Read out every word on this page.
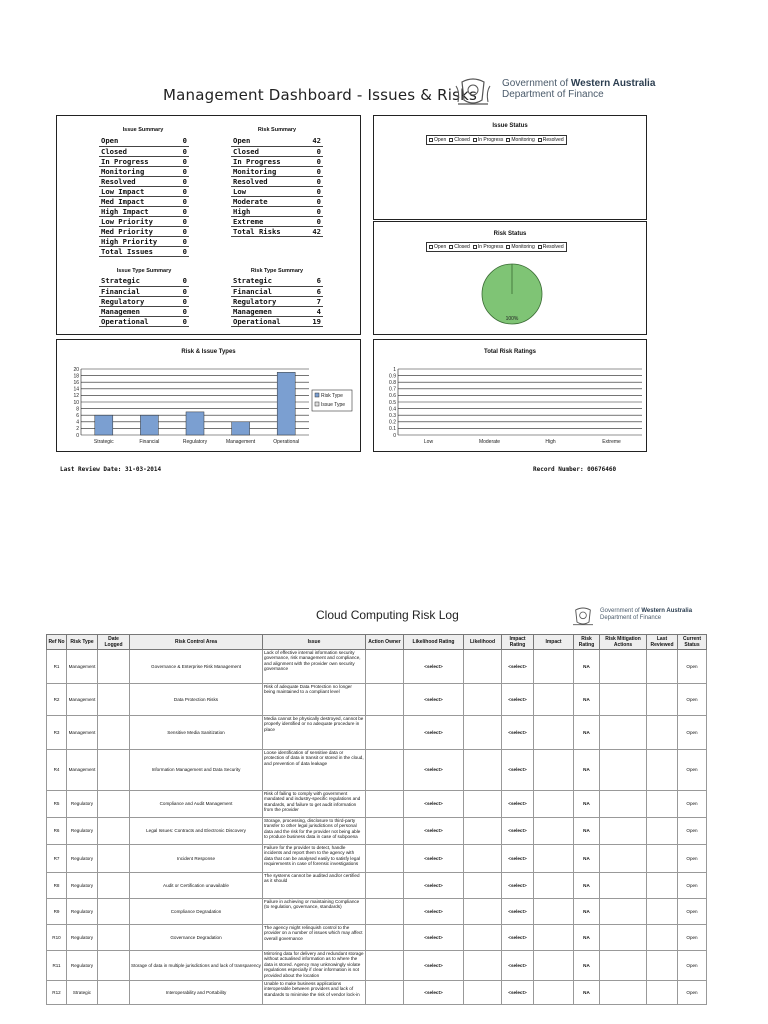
Management Dashboard - Issues & Risks
Government of Western Australia
Department of Finance
Issue Summary
Open	0
Closed	0
In Progress	0
Monitoring	0
Resolved	0
Low Impact	0
Med Impact	0
High Impact	0
Low Priority	0
Med Priority	0
High Priority	0
Total Issues	0
Risk Summary
Open	42
Closed	0
In Progress	0
Monitoring	0
Resolved	0
Low	0
Moderate	0
High	0
Extreme	0
Total Risks	42
Issue Type Summary
Strategic	0
Financial	0
Regulatory	0
Managemen	0
Operational	0
Risk Type Summary
Strategic	6
Financial	6
Regulatory	7
Managemen	4
Operational	19
Issue Status
Open	Closed	In Progress	Monitoring	Resolved
Risk Status
Open	Closed	In Progress	Monitoring	Resolved
100%
Risk & Issue Types
0
2
4
6
8
10
12
14
16
18
20
Strategic	Financial	Regulatory	Management	Operational
Risk Type
Issue Type
Total Risk Ratings
0
0.1
0.2
0.3
0.4
0.5
0.6
0.7
0.8
0.9
1
Low	Moderate	High	Extreme
Last Review Date: 31-03-2014	Record Number: 00676460
Cloud Computing Risk Log	Government of Western Australia
Department of Finance
Ref No	Risk Type	Date Logged	Risk Control Area	Issue	Action Owner	Likelihood Rating	Likelihood	Impact Rating	Impact	Risk Rating	Risk Mitigation Actions	Last Reviewed	Current Status
R1	Management		Governance & Enterprise Risk Management	Lack of effective internal information security governance, risk management and compliance, and alignment with the provider own security governance		<select>		<select>		NA			Open
R2	Management		Data Protection Risks	Risk of adequate Data Protection no longer being maintained to a compliant level		<select>		<select>		NA			Open
R3	Management		Sensitive Media Sanitization	Media cannot be physically destroyed, cannot be properly identified or no adequate procedure in place		<select>		<select>		NA			Open
R4	Management		Information Management and Data Security	Loose identification of sensitive data or protection of data in transit or stored in the cloud, and prevention of data leakage		<select>		<select>		NA			Open
R5	Regulatory		Compliance and Audit Management	Risk of failing to comply with government mandated and industry-specific regulations and standards, and failure to get audit information from the provider		<select>		<select>		NA			Open
R6	Regulatory		Legal Issues: Contracts and Electronic Discovery	Storage, processing, disclosure to third-party transfer to other legal jurisdictions of personal data and the risk for the provider not being able to produce business data in case of subpoena		<select>		<select>		NA			Open
R7	Regulatory		Incident Response	Failure for the provider to detect, handle incidents and report them to the agency with data that can be analysed easily to satisfy legal requirements in case of forensic investigations		<select>		<select>		NA			Open
R8	Regulatory		Audit or Certification unavailable	The systems cannot be audited and/or certified as it should		<select>		<select>		NA			Open
R9	Regulatory		Compliance Degradation	Failure in achieving or maintaining Compliance (to regulation, governance, standards)		<select>		<select>		NA			Open
R10	Regulatory		Governance Degradation	The agency might relinquish control to the provider on a number of issues which may affect overall governance		<select>		<select>		NA			Open
R11	Regulatory		Storage of data in multiple jurisdictions and lack of transparency	Mirroring data for delivery and redundant storage without actualised information as to where the data is stored. Agency may unknowingly violate regulations especially if clear information is not provided about the location		<select>		<select>		NA			Open
R12	Strategic		Interoperability and Portability	Unable to make business applications interoperable between providers and lack of standards to minimise the risk of vendor lock-in		<select>		<select>		NA			Open
